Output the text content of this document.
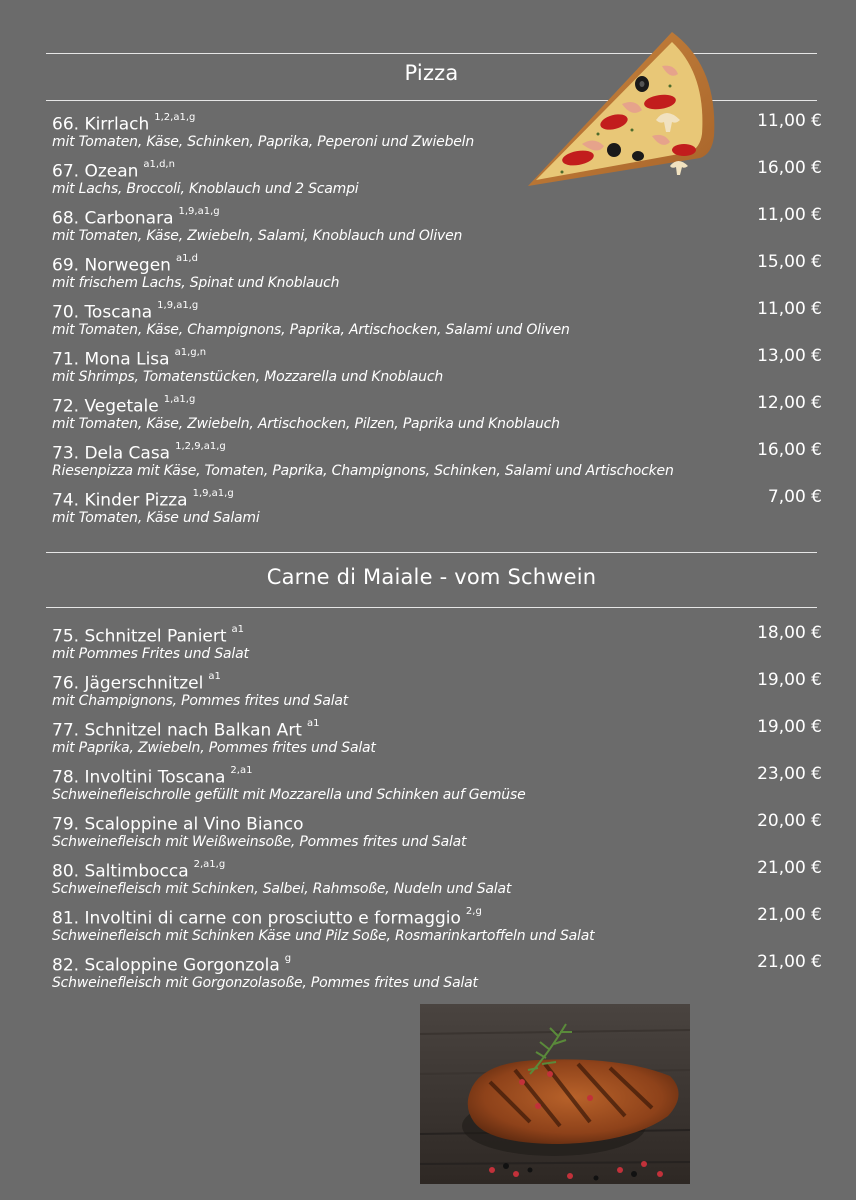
Pizza
66. Kirrlach $^{1,2,a1,g}$	11,00 €
mit Tomaten, Käse, Schinken, Paprika, Peperoni und Zwiebeln
67. Ozean $^{a1,d,n}$	16,00 €
mit Lachs, Broccoli, Knoblauch und 2 Scampi
68. Carbonara $^{1,9,a1,g}$	11,00 €
mit Tomaten, Käse, Zwiebeln, Salami, Knoblauch und Oliven
69. Norwegen $^{a1,d}$	15,00 €
mit frischem Lachs, Spinat und Knoblauch
70. Toscana $^{1,9,a1,g}$	11,00 €
mit Tomaten, Käse, Champignons, Paprika, Artischocken, Salami und Oliven
71. Mona Lisa $^{a1,g,n}$	13,00 €
mit Shrimps, Tomatenstücken, Mozzarella und Knoblauch
72. Vegetale $^{1,a1,g}$	12,00 €
mit Tomaten, Käse, Zwiebeln, Artischocken, Pilzen, Paprika und Knoblauch
73. Dela Casa $^{1,2,9,a1,g}$	16,00 €
Riesenpizza mit Käse, Tomaten, Paprika, Champignons, Schinken, Salami und Artischocken
74. Kinder Pizza $^{1,9,a1,g}$	7,00 €
mit Tomaten, Käse und Salami
Carne di Maiale - vom Schwein
75. Schnitzel Paniert $^{a1}$	18,00 €
mit Pommes Frites und Salat
76. Jägerschnitzel $^{a1}$	19,00 €
mit Champignons, Pommes frites und Salat
77. Schnitzel nach Balkan Art $^{a1}$	19,00 €
mit Paprika, Zwiebeln, Pommes frites und Salat
78. Involtini Toscana $^{2,a1}$	23,00 €
Schweinefleischrolle gefüllt mit Mozzarella und Schinken auf Gemüse
79. Scaloppine al Vino Bianco	20,00 €
Schweinefleisch mit Weißweinsoße, Pommes frites und Salat
80. Saltimbocca $^{2,a1,g}$	21,00 €
Schweinefleisch mit Schinken, Salbei, Rahmsoße, Nudeln und Salat
81. Involtini di carne con prosciutto e formaggio $^{2,g}$	21,00 €
Schweinefleisch mit Schinken Käse und Pilz Soße, Rosmarinkartoffeln und Salat
82. Scaloppine Gorgonzola $^g$	21,00 €
Schweinefleisch mit Gorgonzolasoße, Pommes frites und Salat
